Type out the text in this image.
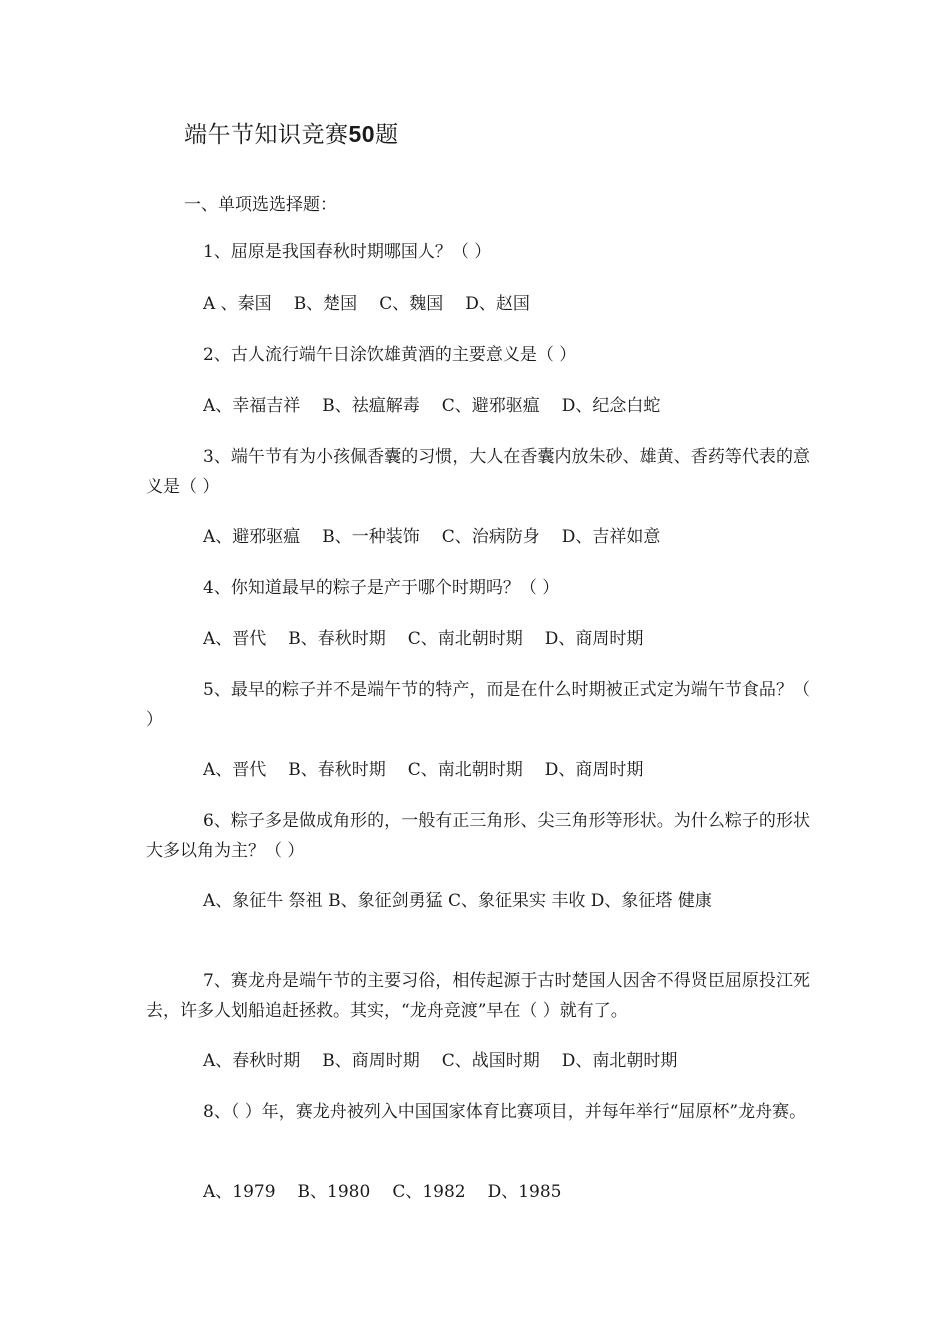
端午节知识竞赛50题
一、单项选选择题：
1、屈原是我国春秋时期哪国人？（ ）
A 、秦国 B、楚国 C、魏国 D、赵国
2、古人流行端午日涂饮雄黄酒的主要意义是（ ）
A、幸福吉祥 B、祛瘟解毒 C、避邪驱瘟 D、纪念白蛇
3、端午节有为小孩佩香囊的习惯，大人在香囊内放朱砂、雄黄、香药等代表的意义是（ ）
A、避邪驱瘟 B、一种装饰 C、治病防身 D、吉祥如意
4、你知道最早的粽子是产于哪个时期吗？（ ）
A、晋代 B、春秋时期 C、南北朝时期 D、商周时期
5、最早的粽子并不是端午节的特产，而是在什么时期被正式定为端午节食品？（ ）
A、晋代 B、春秋时期 C、南北朝时期 D、商周时期
6、粽子多是做成角形的，一般有正三角形、尖三角形等形状。为什么粽子的形状大多以角为主？（ ）
A、象征牛 祭祖 B、象征剑勇猛 C、象征果实 丰收 D、象征塔 健康
7、赛龙舟是端午节的主要习俗，相传起源于古时楚国人因舍不得贤臣屈原投江死去，许多人划船追赶拯救。其实，“龙舟竞渡”早在（ ）就有了。
A、春秋时期 B、商周时期 C、战国时期 D、南北朝时期
8、（ ）年，赛龙舟被列入中国国家体育比赛项目，并每年举行“屈原杯”龙舟赛。
A、1979 B、1980 C、1982 D、1985
